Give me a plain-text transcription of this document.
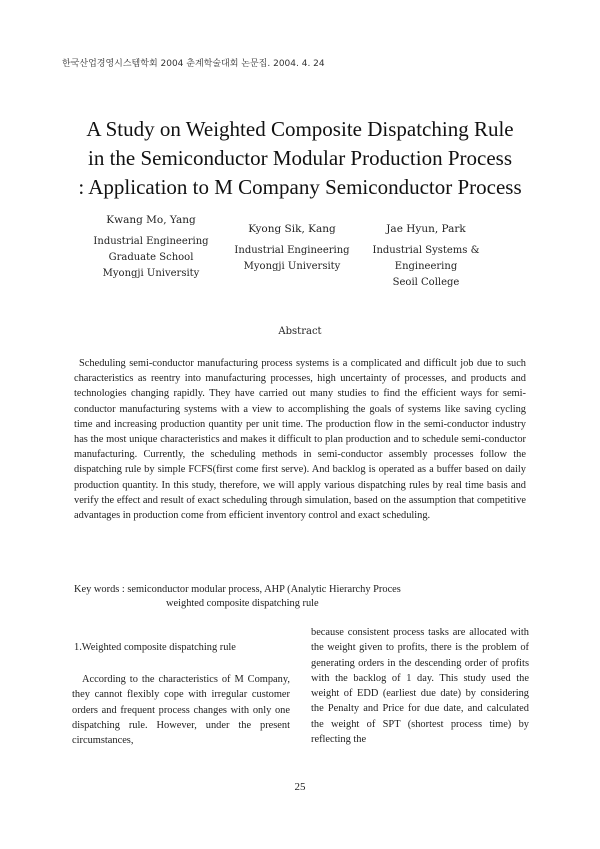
한국산업경영시스템학회 2004 춘계학술대회 논문집. 2004. 4. 24
A Study on Weighted Composite Dispatching Rule
in the Semiconductor Modular Production Process
: Application to M Company Semiconductor Process
Kwang Mo, Yang
Industrial Engineering
Graduate School
Myongji University
Kyong Sik, Kang
Industrial Engineering
Myongji University
Jae Hyun, Park
Industrial Systems & Engineering
Seoil College
Abstract
Scheduling semi-conductor manufacturing process systems is a complicated and difficult job due to such characteristics as reentry into manufacturing processes, high uncertainty of processes, and products and technologies changing rapidly. They have carried out many studies to find the efficient ways for semi-conductor manufacturing systems with a view to accomplishing the goals of systems like saving cycling time and increasing production quantity per unit time. The production flow in the semi-conductor industry has the most unique characteristics and makes it difficult to plan production and to schedule semi-conductor manufacturing. Currently, the scheduling methods in semi-conductor assembly processes follow the dispatching rule by simple FCFS(first come first serve). And backlog is operated as a buffer based on daily production quantity. In this study, therefore, we will apply various dispatching rules by real time basis and verify the effect and result of exact scheduling through simulation, based on the assumption that competitive advantages in production come from efficient inventory control and exact scheduling.
Key words : semiconductor modular process, AHP (Analytic Hierarchy Proces
weighted composite dispatching rule
1.Weighted composite dispatching rule
According to the characteristics of M Company, they cannot flexibly cope with irregular customer orders and frequent process changes with only one dispatching rule. However, under the present circumstances,
because consistent process tasks are allocated with the weight given to profits, there is the problem of generating orders in the descending order of profits with the backlog of 1 day. This study used the weight of EDD (earliest due date) by considering the Penalty and Price for due date, and calculated the weight of SPT (shortest process time) by reflecting the
25
